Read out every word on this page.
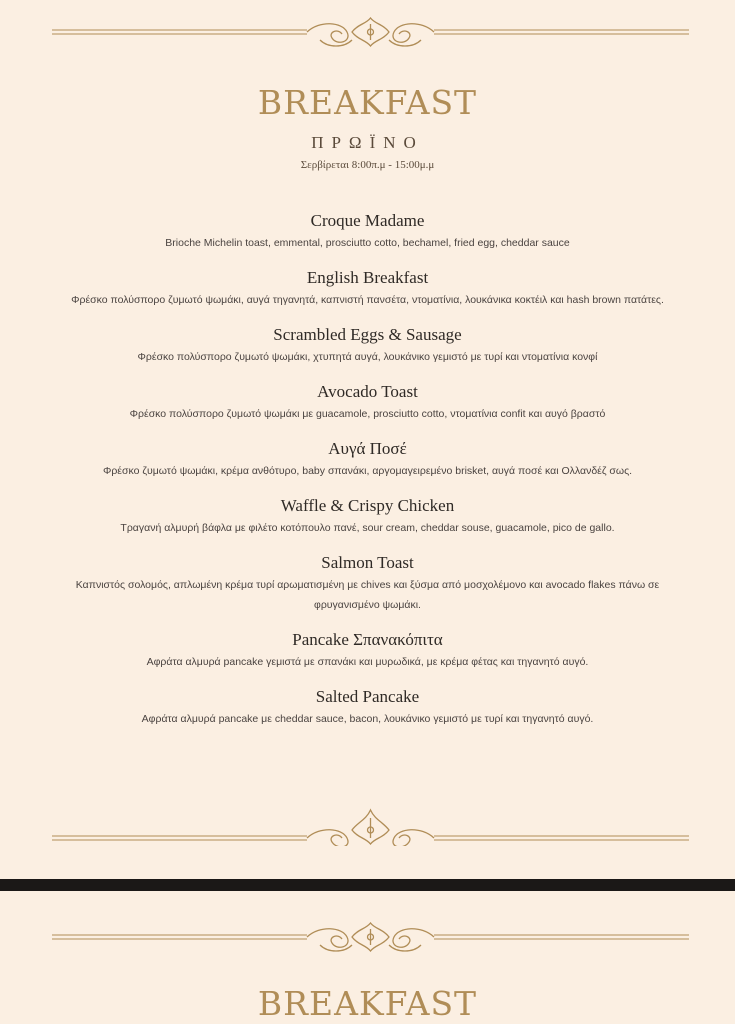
BREAKFAST
ΠΡΩΪΝΟ
Σερβίρεται 8:00π.μ - 15:00μ.μ
Croque Madame
Brioche Michelin toast, emmental, prosciutto cotto, bechamel, fried egg, cheddar sauce
English Breakfast
Φρέσκο πολύσπορο ζυμωτό ψωμάκι, αυγά τηγανητά, καπνιστή πανσέτα, ντοματίνια, λουκάνικα κοκτέιλ και hash brown πατάτες.
Scrambled Eggs & Sausage
Φρέσκο πολύσπορο ζυμωτό ψωμάκι, χτυπητά αυγά, λουκάνικο γεμιστό με τυρί και ντοματίνια κονφί
Avocado Toast
Φρέσκο πολύσπορο ζυμωτό ψωμάκι με guacamole, prosciutto cotto, ντοματίνια confit και αυγό βραστό
Αυγά Ποσέ
Φρέσκο ζυμωτό ψωμάκι, κρέμα ανθότυρο, baby σπανάκι, αργομαγειρεμένο brisket, αυγά ποσέ και Ολλανδέζ σως.
Waffle & Crispy Chicken
Τραγανή αλμυρή βάφλα με φιλέτο κοτόπουλο πανέ, sour cream, cheddar souse, guacamole, pico de gallo.
Salmon Toast
Καπνιστός σολομός, απλωμένη κρέμα τυρί αρωματισμένη με chives και ξύσμα από μοσχολέμονο και avocado flakes πάνω σε φρυγανισμένο ψωμάκι.
Pancake Σπανακόπιτα
Αφράτα αλμυρά pancake γεμιστά με σπανάκι και μυρωδικά, με κρέμα φέτας και τηγανητό αυγό.
Salted Pancake
Αφράτα αλμυρά pancake με cheddar sauce, bacon, λουκάνικο γεμιστό με τυρί και τηγανητό αυγό.
BREAKFAST
